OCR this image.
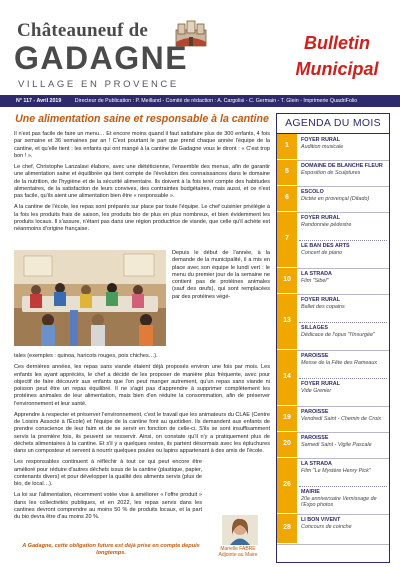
Châteauneuf de
GADAGNE
VILLAGE EN PROVENCE
Bulletin
Municipal
N° 117 - Avril 2019	Directeur de Publication : P. Meilland - Comité de rédaction : A. Cargolisi - C. Germain - T. Glein - Imprimerie QuadriFolio
Une alimentation saine et responsable à la cantine

Il n'est pas facile de faire un menu… Et encore moins quand il faut satisfaire plus de 300 enfants, 4 fois par semaine et 36 semaines par an ! C'est pourtant le pari que prend chaque année l'équipe de la cantine, et qu'elle tient : les enfants qui ont mangé à la cantine de Gadagne vous le diront : « C'est trop bon ! ».

Le chef, Christophe Lanzalavi élabore, avec une diététicienne, l'ensemble des menus, afin de garantir une alimentation saine et équilibrée qui tient compte de l'évolution des connaissances dans le domaine de la nutrition, de l'hygiène et de la sécurité alimentaire. Ils doivent à la fois tenir compte des habitudes alimentaires, de la satisfaction de leurs convives, des contraintes budgétaires, mais aussi, et ce n'est pas facile, qu'ils aient une alimentation bien être « responsable ».

A la cantine de l'école, les repas sont préparés sur place par toute l'équipe. Le chef cuisinier privilégie à la fois les produits frais de saison, les produits bio de plus en plus nombreux, et bien évidemment les produits locaux. Il s'assure, n'étant pas dans une région productrice de viande, que celle qu'il achète est néanmoins d'origine française.

Depuis le début de l'année, à la demande de la municipalité, il a mis en place avec son équipe le lundi vert : le menu du premier jour de la semaine ne contient pas de protéines animales (sauf des œufs), qui sont remplacées par des protéines végé-

tales (exemples : quinoa, haricots rouges, pois chiches…).

Ces dernières années, les repas sans viande étaient déjà proposés environ une fois par mois. Les enfants les ayant appréciés, le chef a décidé de les proposer de manière plus fréquente, avec pour objectif de faire découvrir aux enfants que l'on peut manger autrement, qu'un repas sans viande ni poisson peut être un repas équilibré. Il ne s'agit pas d'apprendre à supprimer complètement les protéines animales de leur alimentation, mais bien d'en réduire la consommation, afin de préserver l'environnement et leur santé.

Apprendre à respecter et préserver l'environnement, c'est le travail que les animateurs du CLAE (Centre de Loisirs Associé à l'École) et l'équipe de la cantine font au quotidien. Ils demandent aux enfants de prendre conscience de leur faim et de se servir en fonction de celle-ci. S'ils se sont insuffisamment servis la première fois, ils peuvent se resservir. Ainsi, on constate qu'il n'y a pratiquement plus de déchets alimentaires à la cantine. Et s'il y a quelques restes, ils partent désormais avec les épluchures dans un composteur et servent à nourrir quelques poules ou lapins appartenant à des amis de l'école.

Les responsables continuent à réfléchir à tout ce qui peut encore être amélioré pour réduire d'autres déchets issus de la cantine (plastique, papier, contenants divers) et pour développer la qualité des aliments servis (plus de bio, de local…).

La loi sur l'alimentation, récemment votée vise à améliorer « l'offre produit » dans les collectivités publiques, et en 2022, les repas servis dans les cantines devront comprendre au moins 50 % de produits locaux, et la part du bio devra être d'au moins 20 %.

Marielle FABRE
Adjointe au Maire
A Gadagne, cette obligation future est déjà prise en compte depuis longtemps.
AGENDA DU MOIS
1
FOYER RURAL
Audition musicale
5
DOMAINE DE BLANCHE FLEUR
Exposition de Sculptures
6
ESCOLO
Dictée en provençal (Ditado)
7
FOYER RURAL
Randonnée pédestre
LE BAN DES ARTS
Concert de piano
10
LA STRADA
Film "Sibel"
13
FOYER RURAL
Ballet des copains
SILLAGES
Dédicace de l'opus "l'Insurgée"
14
PAROISSE
Messe de la Fête des Rameaux
FOYER RURAL
Vide Grenier
19
PAROISSE
Vendredi Saint - Chemin de Croix
20
PAROISSE
Samedi Saint - Vigile Pascale
26
LA STRADA
Film "Le Mystère Henry Pick"
MAIRIE
20e anniversaire Vernissage de l'Expo photos
28
LI BON VIVENT
Concours de coinche
